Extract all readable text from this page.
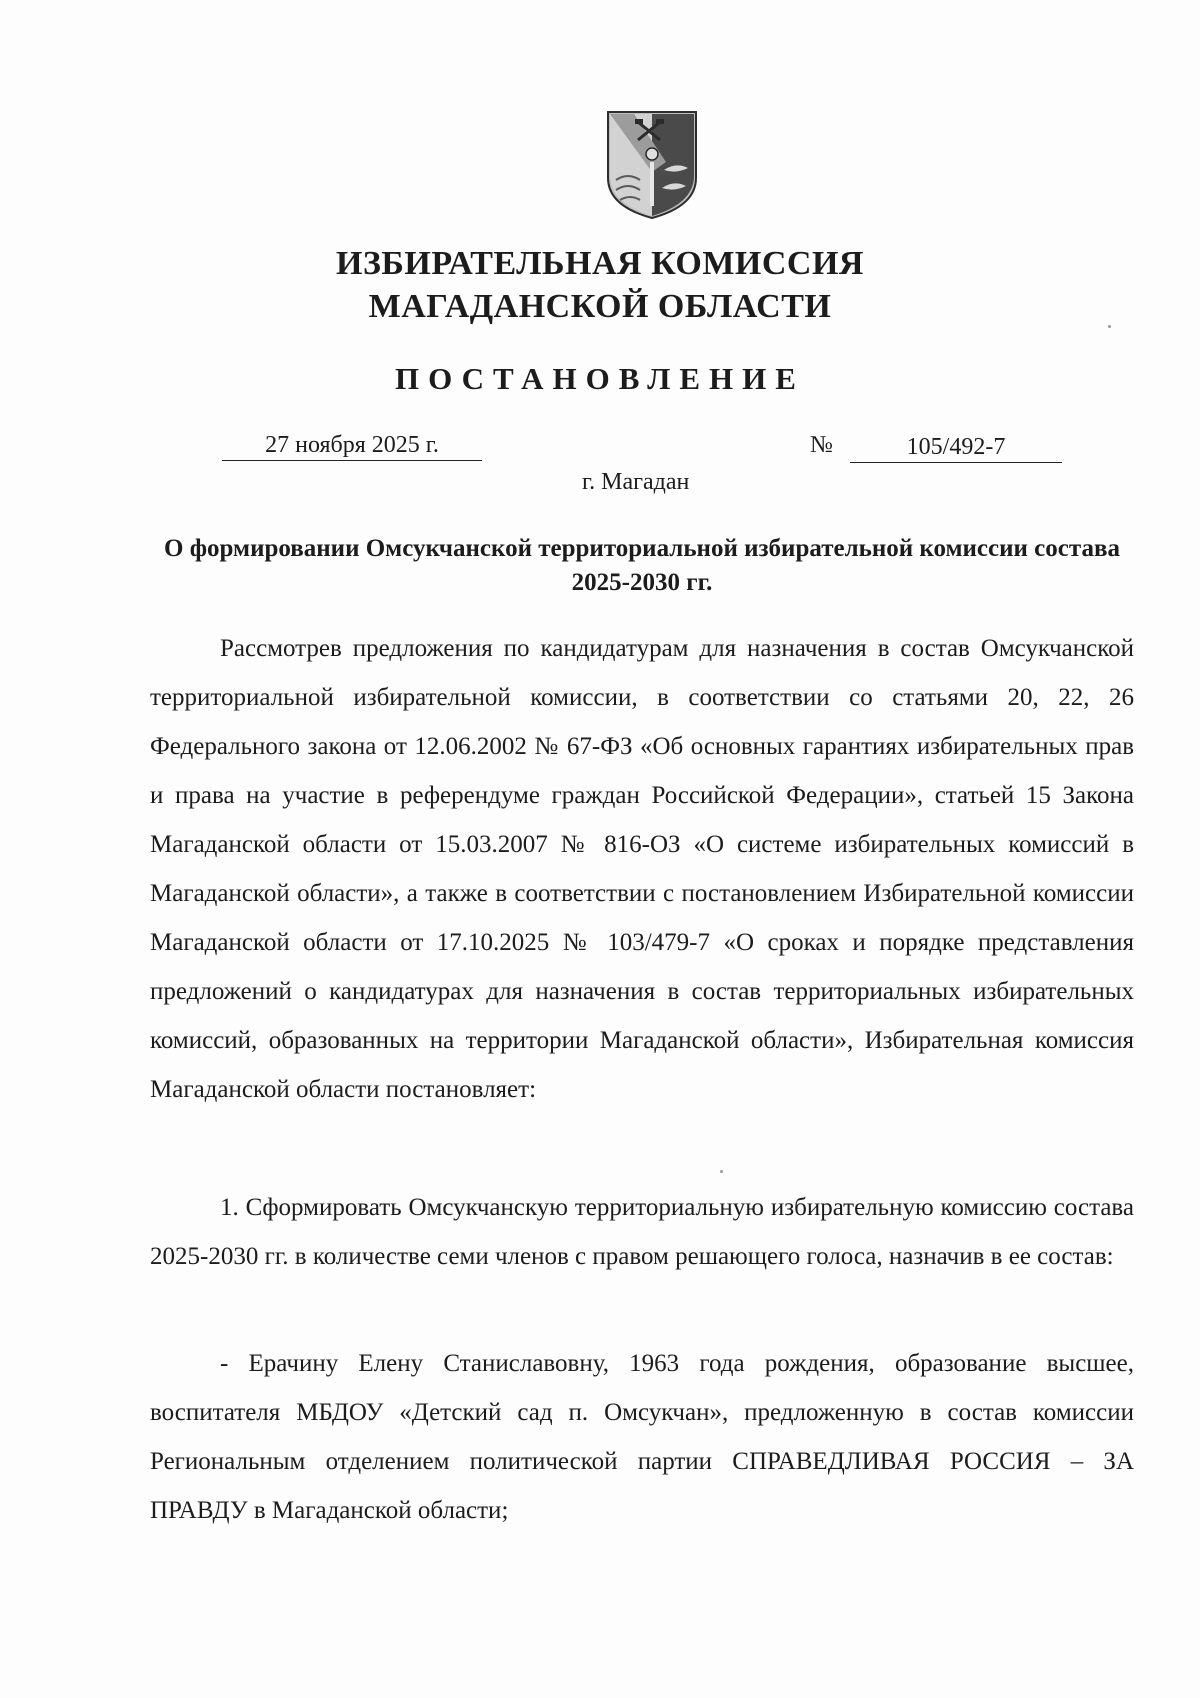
ИЗБИРАТЕЛЬНАЯ КОМИССИЯ
МАГАДАНСКОЙ ОБЛАСТИ
ПОСТАНОВЛЕНИЕ
27 ноября 2025 г.	№	105/492-7
г. Магадан
О формировании Омсукчанской территориальной избирательной комиссии состава 2025-2030 гг.

Рассмотрев предложения по кандидатурам для назначения в состав Омсукчанской территориальной избирательной комиссии, в соответствии со статьями 20, 22, 26 Федерального закона от 12.06.2002 № 67-ФЗ «Об основных гарантиях избирательных прав и права на участие в референдуме граждан Российской Федерации», статьей 15 Закона Магаданской области от 15.03.2007 № 816-ОЗ «О системе избирательных комиссий в Магаданской области», а также в соответствии с постановлением Избирательной комиссии Магаданской области от 17.10.2025 № 103/479-7 «О сроках и порядке представления предложений о кандидатурах для назначения в состав территориальных избирательных комиссий, образованных на территории Магаданской области», Избирательная комиссия Магаданской области постановляет:

1. Сформировать Омсукчанскую территориальную избирательную комиссию состава 2025-2030 гг. в количестве семи членов с правом решающего голоса, назначив в ее состав:

- Ерачину Елену Станиславовну, 1963 года рождения, образование высшее, воспитателя МБДОУ «Детский сад п. Омсукчан», предложенную в состав комиссии Региональным отделением политической партии СПРАВЕДЛИВАЯ РОССИЯ – ЗА ПРАВДУ в Магаданской области;
